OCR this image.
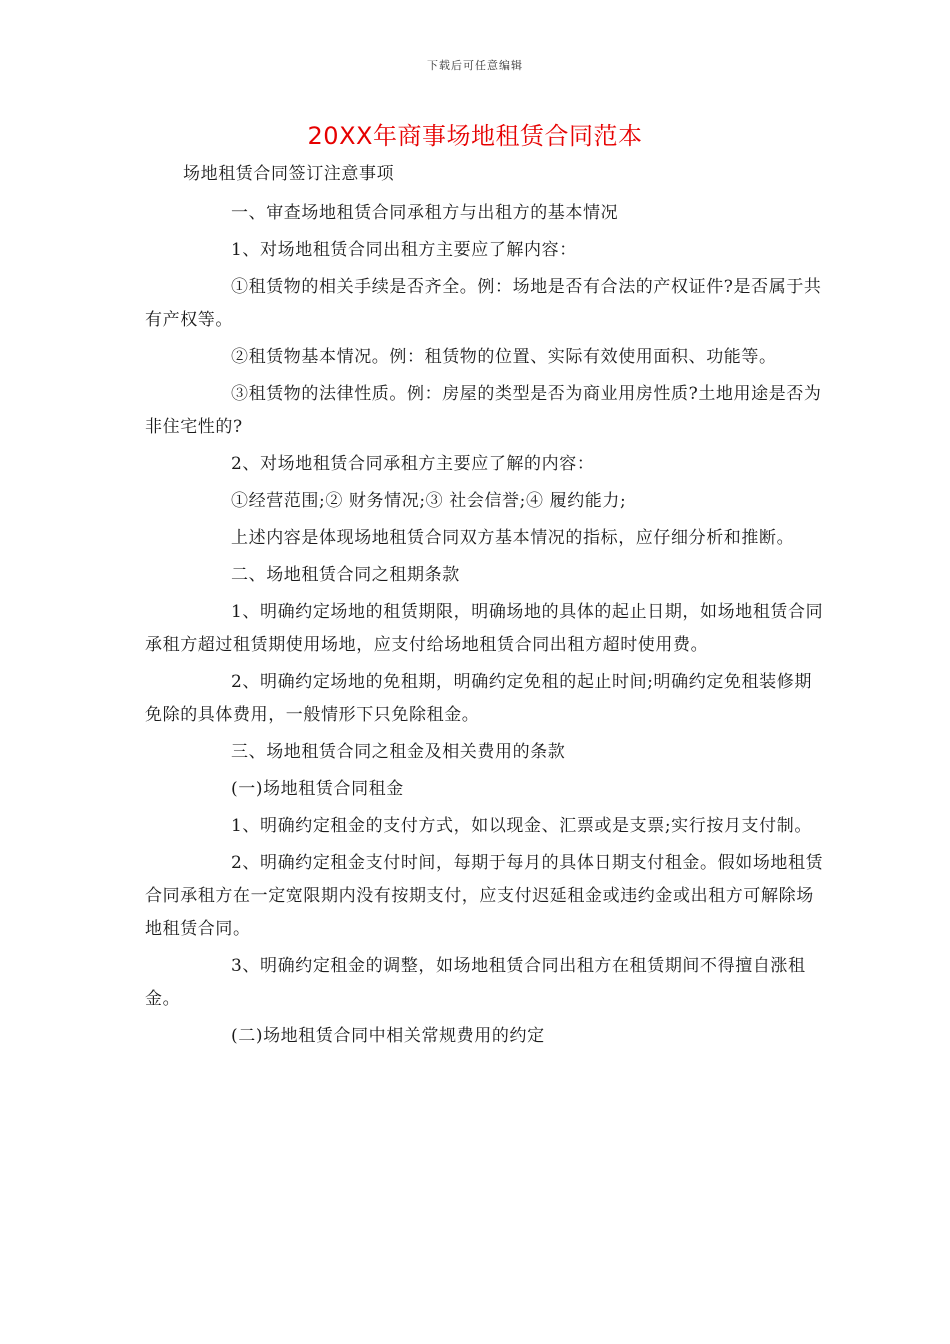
下载后可任意编辑
20XX年商事场地租赁合同范本

场地租赁合同签订注意事项

一、审查场地租赁合同承租方与出租方的基本情况

1、对场地租赁合同出租方主要应了解内容：

①租赁物的相关手续是否齐全。例：场地是否有合法的产权证件?是否属于共有产权等。

②租赁物基本情况。例：租赁物的位置、实际有效使用面积、功能等。

③租赁物的法律性质。例：房屋的类型是否为商业用房性质?土地用途是否为非住宅性的?

2、对场地租赁合同承租方主要应了解的内容：

①经营范围;② 财务情况;③ 社会信誉;④ 履约能力;

上述内容是体现场地租赁合同双方基本情况的指标，应仔细分析和推断。

二、场地租赁合同之租期条款

1、明确约定场地的租赁期限，明确场地的具体的起止日期，如场地租赁合同承租方超过租赁期使用场地，应支付给场地租赁合同出租方超时使用费。

2、明确约定场地的免租期，明确约定免租的起止时间;明确约定免租装修期免除的具体费用，一般情形下只免除租金。

三、场地租赁合同之租金及相关费用的条款

(一)场地租赁合同租金

1、明确约定租金的支付方式，如以现金、汇票或是支票;实行按月支付制。

2、明确约定租金支付时间，每期于每月的具体日期支付租金。假如场地租赁合同承租方在一定宽限期内没有按期支付，应支付迟延租金或违约金或出租方可解除场地租赁合同。

3、明确约定租金的调整，如场地租赁合同出租方在租赁期间不得擅自涨租金。

(二)场地租赁合同中相关常规费用的约定
